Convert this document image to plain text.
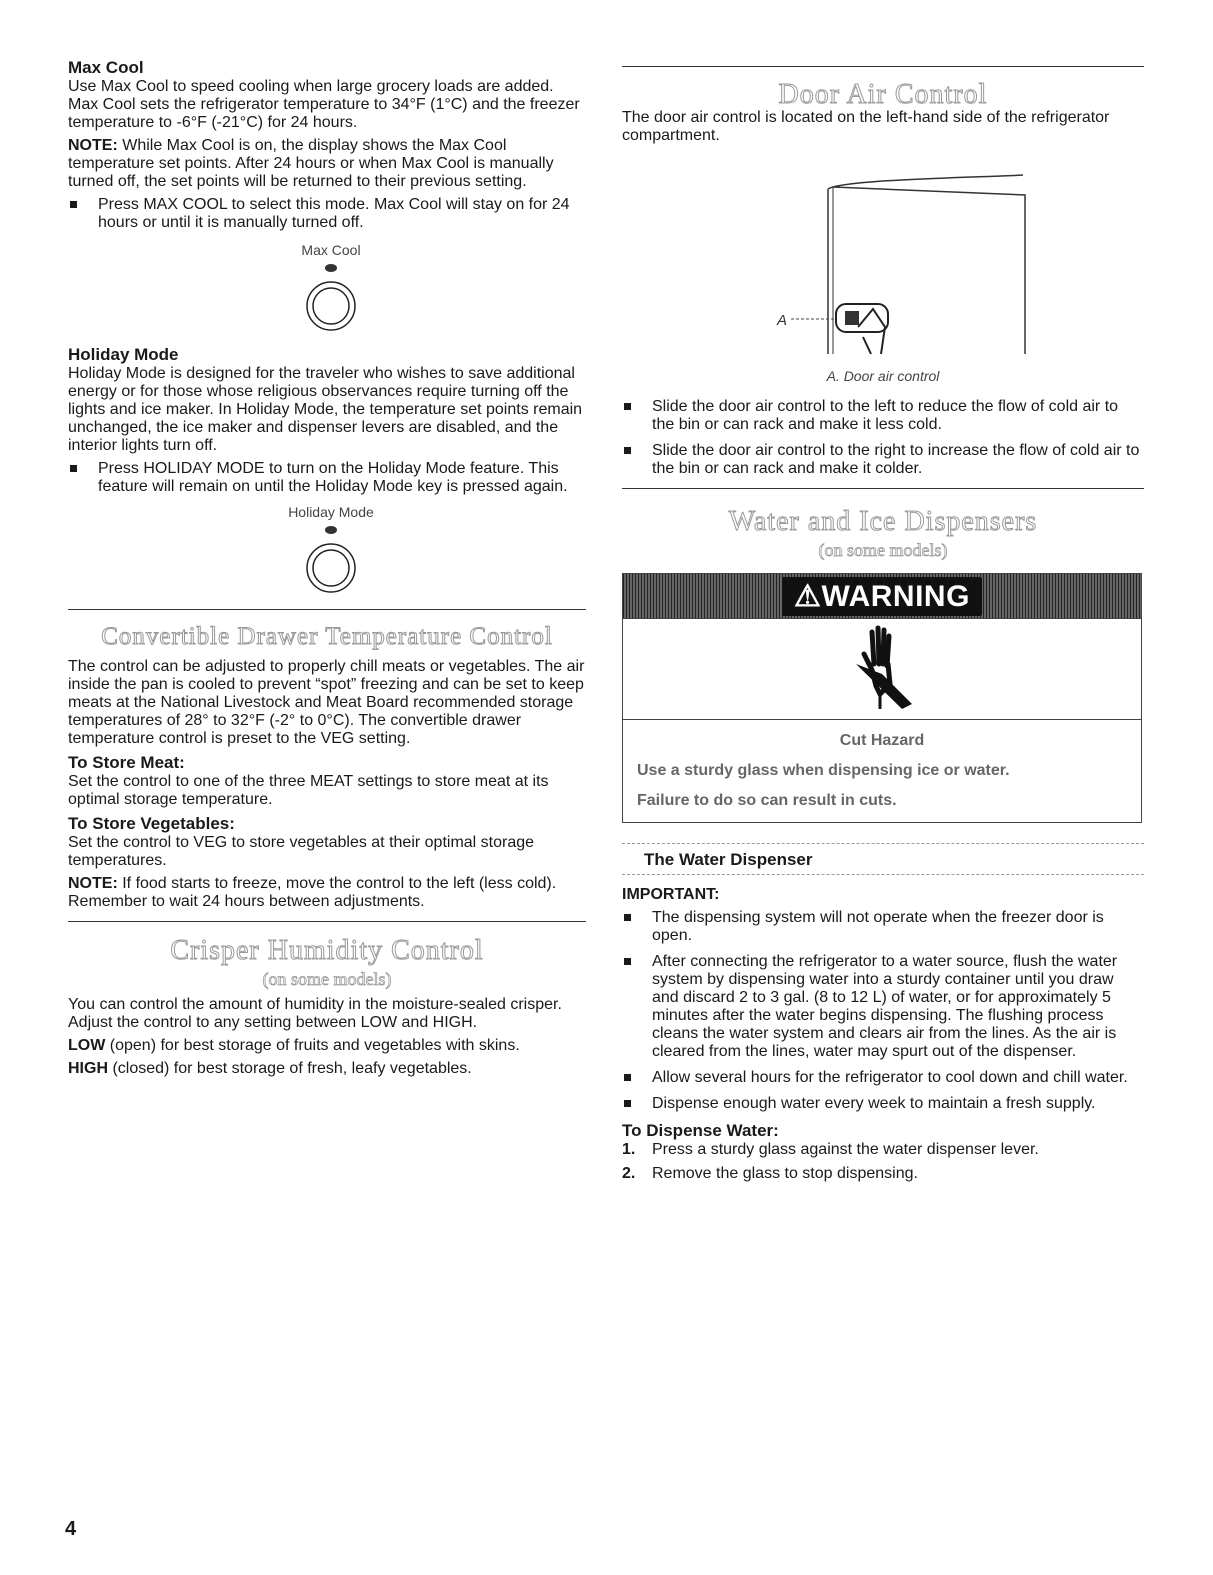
Max Cool

Use Max Cool to speed cooling when large grocery loads are added. Max Cool sets the refrigerator temperature to 34°F (1°C) and the freezer temperature to -6°F (-21°C) for 24 hours.

NOTE: While Max Cool is on, the display shows the Max Cool temperature set points. After 24 hours or when Max Cool is manually turned off, the set points will be returned to their previous setting.

Press MAX COOL to select this mode. Max Cool will stay on for 24 hours or until it is manually turned off.
Max Cool
Holiday Mode

Holiday Mode is designed for the traveler who wishes to save additional energy or for those whose religious observances require turning off the lights and ice maker. In Holiday Mode, the temperature set points remain unchanged, the ice maker and dispenser levers are disabled, and the interior lights turn off.

Press HOLIDAY MODE to turn on the Holiday Mode feature. This feature will remain on until the Holiday Mode key is pressed again.
Holiday Mode
Convertible Drawer Temperature Control

The control can be adjusted to properly chill meats or vegetables. The air inside the pan is cooled to prevent “spot” freezing and can be set to keep meats at the National Livestock and Meat Board recommended storage temperatures of 28° to 32°F (-2° to 0°C). The convertible drawer temperature control is preset to the VEG setting.

To Store Meat:

Set the control to one of the three MEAT settings to store meat at its optimal storage temperature.

To Store Vegetables:

Set the control to VEG to store vegetables at their optimal storage temperatures.

NOTE: If food starts to freeze, move the control to the left (less cold). Remember to wait 24 hours between adjustments.

Crisper Humidity Control
(on some models)

You can control the amount of humidity in the moisture-sealed crisper. Adjust the control to any setting between LOW and HIGH.

LOW (open) for best storage of fruits and vegetables with skins.

HIGH (closed) for best storage of fresh, leafy vegetables.

Door Air Control

The door air control is located on the left-hand side of the refrigerator compartment.

A
A. Door air control
Slide the door air control to the left to reduce the flow of cold air to the bin or can rack and make it less cold.
Slide the door air control to the right to increase the flow of cold air to the bin or can rack and make it colder.
Water and Ice Dispensers
(on some models)
⚠WARNING

Cut Hazard

Use a sturdy glass when dispensing ice or water.

Failure to do so can result in cuts.

The Water Dispenser
IMPORTANT:
The dispensing system will not operate when the freezer door is open.
After connecting the refrigerator to a water source, flush the water system by dispensing water into a sturdy container until you draw and discard 2 to 3 gal. (8 to 12 L) of water, or for approximately 5 minutes after the water begins dispensing. The flushing process cleans the water system and clears air from the lines. As the air is cleared from the lines, water may spurt out of the dispenser.
Allow several hours for the refrigerator to cool down and chill water.
Dispense enough water every week to maintain a fresh supply.
To Dispense Water:
1. Press a sturdy glass against the water dispenser lever.
2. Remove the glass to stop dispensing.
4
